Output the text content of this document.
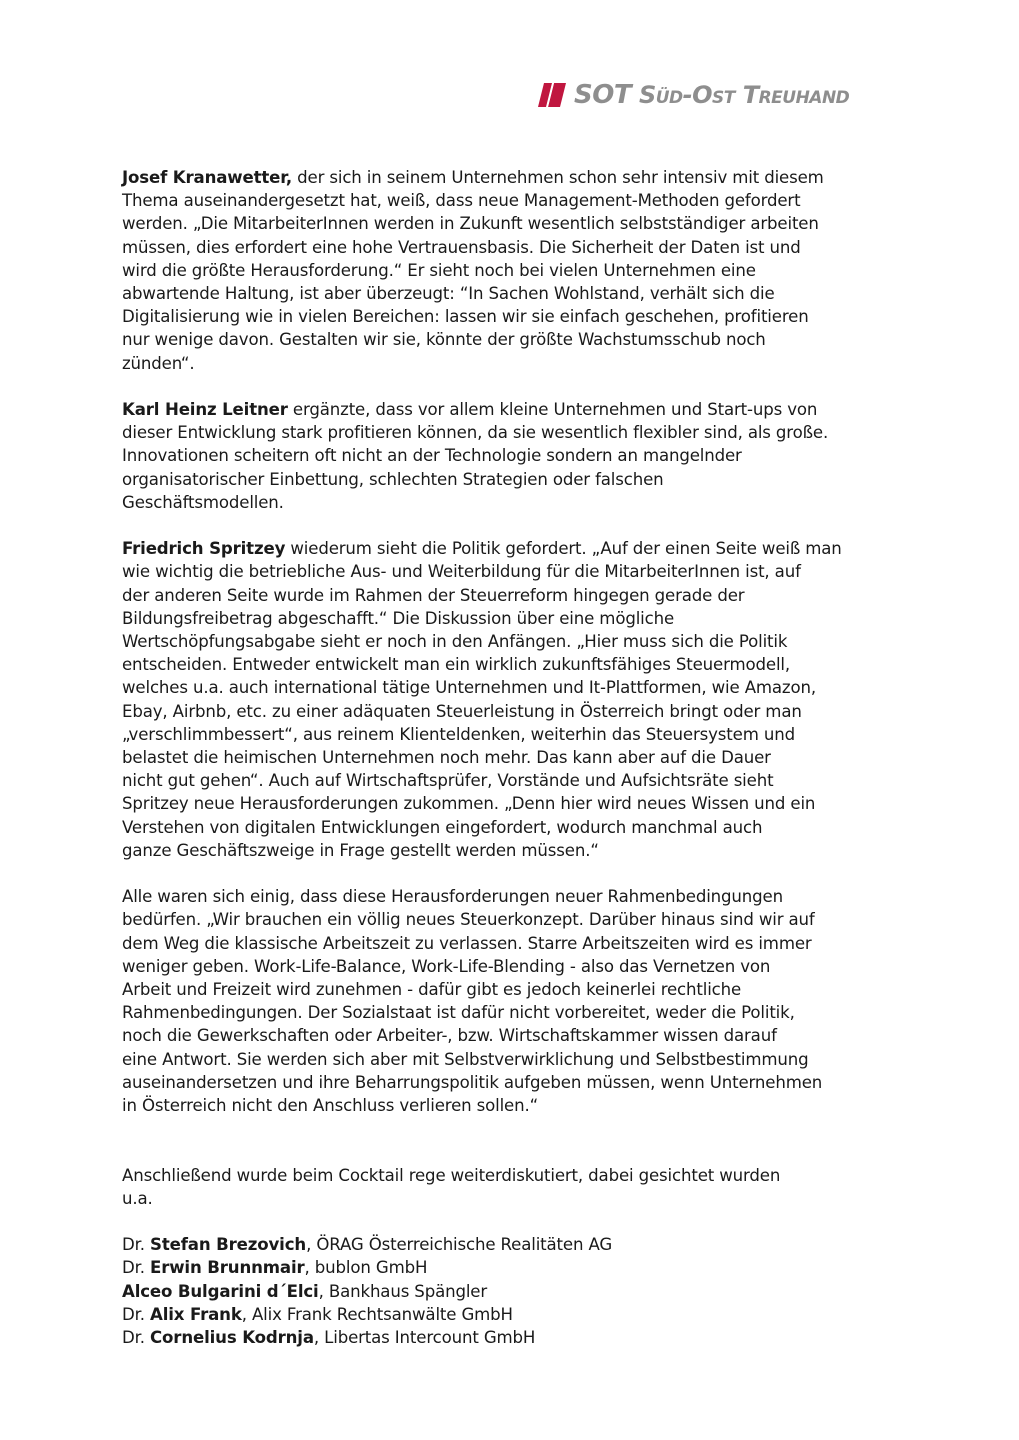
SOT Süd-Ost Treuhand

Josef Kranawetter, der sich in seinem Unternehmen schon sehr intensiv mit diesem
Thema auseinandergesetzt hat, weiß, dass neue Management-Methoden gefordert
werden. „Die MitarbeiterInnen werden in Zukunft wesentlich selbstständiger arbeiten
müssen, dies erfordert eine hohe Vertrauensbasis. Die Sicherheit der Daten ist und
wird die größte Herausforderung.“ Er sieht noch bei vielen Unternehmen eine
abwartende Haltung, ist aber überzeugt: “In Sachen Wohlstand, verhält sich die
Digitalisierung wie in vielen Bereichen: lassen wir sie einfach geschehen, profitieren
nur wenige davon. Gestalten wir sie, könnte der größte Wachstumsschub noch
zünden“.

Karl Heinz Leitner ergänzte, dass vor allem kleine Unternehmen und Start-ups von
dieser Entwicklung stark profitieren können, da sie wesentlich flexibler sind, als große.
Innovationen scheitern oft nicht an der Technologie sondern an mangelnder
organisatorischer Einbettung, schlechten Strategien oder falschen
Geschäftsmodellen.

Friedrich Spritzey wiederum sieht die Politik gefordert. „Auf der einen Seite weiß man
wie wichtig die betriebliche Aus- und Weiterbildung für die MitarbeiterInnen ist, auf
der anderen Seite wurde im Rahmen der Steuerreform hingegen gerade der
Bildungsfreibetrag abgeschafft.“ Die Diskussion über eine mögliche
Wertschöpfungsabgabe sieht er noch in den Anfängen. „Hier muss sich die Politik
entscheiden. Entweder entwickelt man ein wirklich zukunftsfähiges Steuermodell,
welches u.a. auch international tätige Unternehmen und It-Plattformen, wie Amazon,
Ebay, Airbnb, etc. zu einer adäquaten Steuerleistung in Österreich bringt oder man
„verschlimmbessert“, aus reinem Klienteldenken, weiterhin das Steuersystem und
belastet die heimischen Unternehmen noch mehr. Das kann aber auf die Dauer
nicht gut gehen“. Auch auf Wirtschaftsprüfer, Vorstände und Aufsichtsräte sieht
Spritzey neue Herausforderungen zukommen. „Denn hier wird neues Wissen und ein
Verstehen von digitalen Entwicklungen eingefordert, wodurch manchmal auch
ganze Geschäftszweige in Frage gestellt werden müssen.“

Alle waren sich einig, dass diese Herausforderungen neuer Rahmenbedingungen
bedürfen. „Wir brauchen ein völlig neues Steuerkonzept. Darüber hinaus sind wir auf
dem Weg die klassische Arbeitszeit zu verlassen. Starre Arbeitszeiten wird es immer
weniger geben. Work-Life-Balance, Work-Life-Blending - also das Vernetzen von
Arbeit und Freizeit wird zunehmen - dafür gibt es jedoch keinerlei rechtliche
Rahmenbedingungen. Der Sozialstaat ist dafür nicht vorbereitet, weder die Politik,
noch die Gewerkschaften oder Arbeiter-, bzw. Wirtschaftskammer wissen darauf
eine Antwort. Sie werden sich aber mit Selbstverwirklichung und Selbstbestimmung
auseinandersetzen und ihre Beharrungspolitik aufgeben müssen, wenn Unternehmen
in Österreich nicht den Anschluss verlieren sollen.“

Anschließend wurde beim Cocktail rege weiterdiskutiert, dabei gesichtet wurden
u.a.

Dr. Stefan Brezovich, ÖRAG Österreichische Realitäten AG
Dr. Erwin Brunnmair, bublon GmbH
Alceo Bulgarini d´Elci, Bankhaus Spängler
Dr. Alix Frank, Alix Frank Rechtsanwälte GmbH
Dr. Cornelius Kodrnja, Libertas Intercount GmbH
